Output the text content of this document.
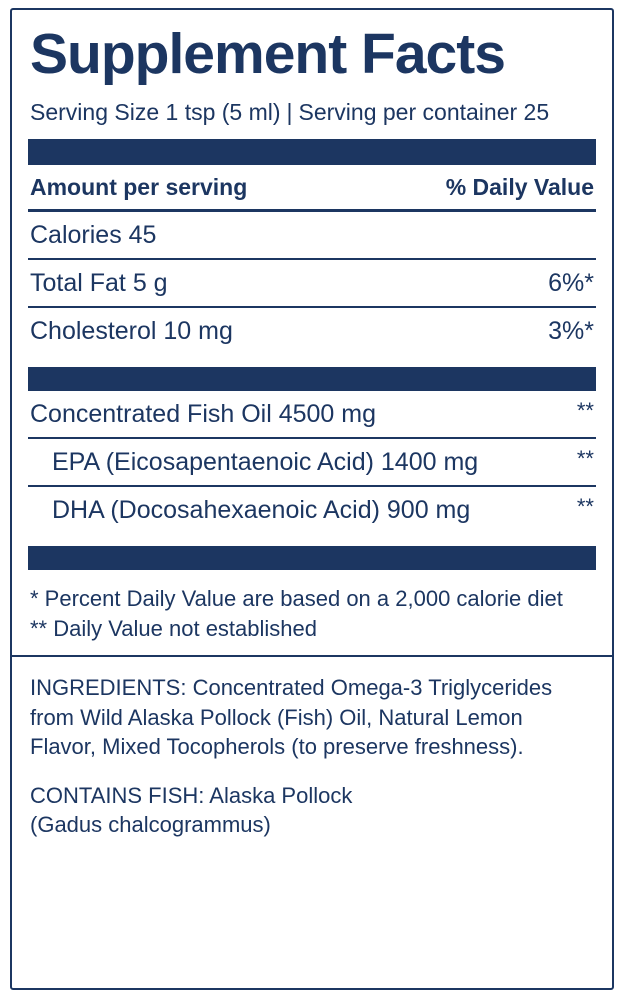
Supplement Facts
Serving Size 1 tsp (5 ml) | Serving per container 25
Amount per serving	% Daily Value
Calories 45
Total Fat 5 g	6%*
Cholesterol 10 mg	3%*
Concentrated Fish Oil 4500 mg	**
EPA (Eicosapentaenoic Acid) 1400 mg	**
DHA (Docosahexaenoic Acid) 900 mg	**
* Percent Daily Value are based on a 2,000 calorie diet
** Daily Value not established

INGREDIENTS: Concentrated Omega-3 Triglycerides from Wild Alaska Pollock (Fish) Oil, Natural Lemon Flavor, Mixed Tocopherols (to preserve freshness).

CONTAINS FISH: Alaska Pollock
(Gadus chalcogrammus)
